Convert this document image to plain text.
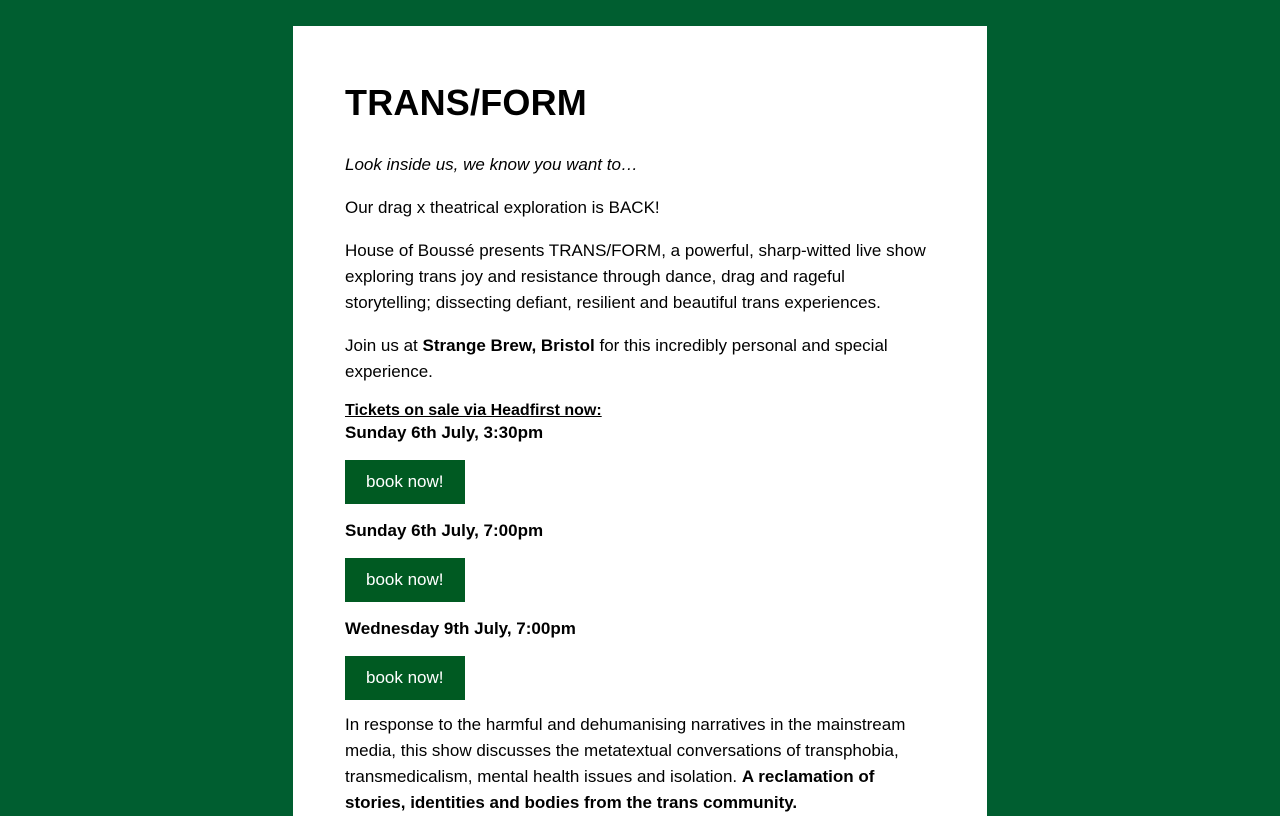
TRANS/FORM

Look inside us, we know you want to…

Our drag x theatrical exploration is BACK!

House of Boussé presents TRANS/FORM, a powerful, sharp-witted live show exploring trans joy and resistance through dance, drag and rageful storytelling; dissecting defiant, resilient and beautiful trans experiences.

Join us at Strange Brew, Bristol for this incredibly personal and special experience.

Tickets on sale via Headfirst now:
Sunday 6th July, 3:30pm
book now!
Sunday 6th July, 7:00pm
book now!
Wednesday 9th July, 7:00pm
book now!

In response to the harmful and dehumanising narratives in the mainstream media, this show discusses the metatextual conversations of transphobia, transmedicalism, mental health issues and isolation. A reclamation of stories, identities and bodies from the trans community.
